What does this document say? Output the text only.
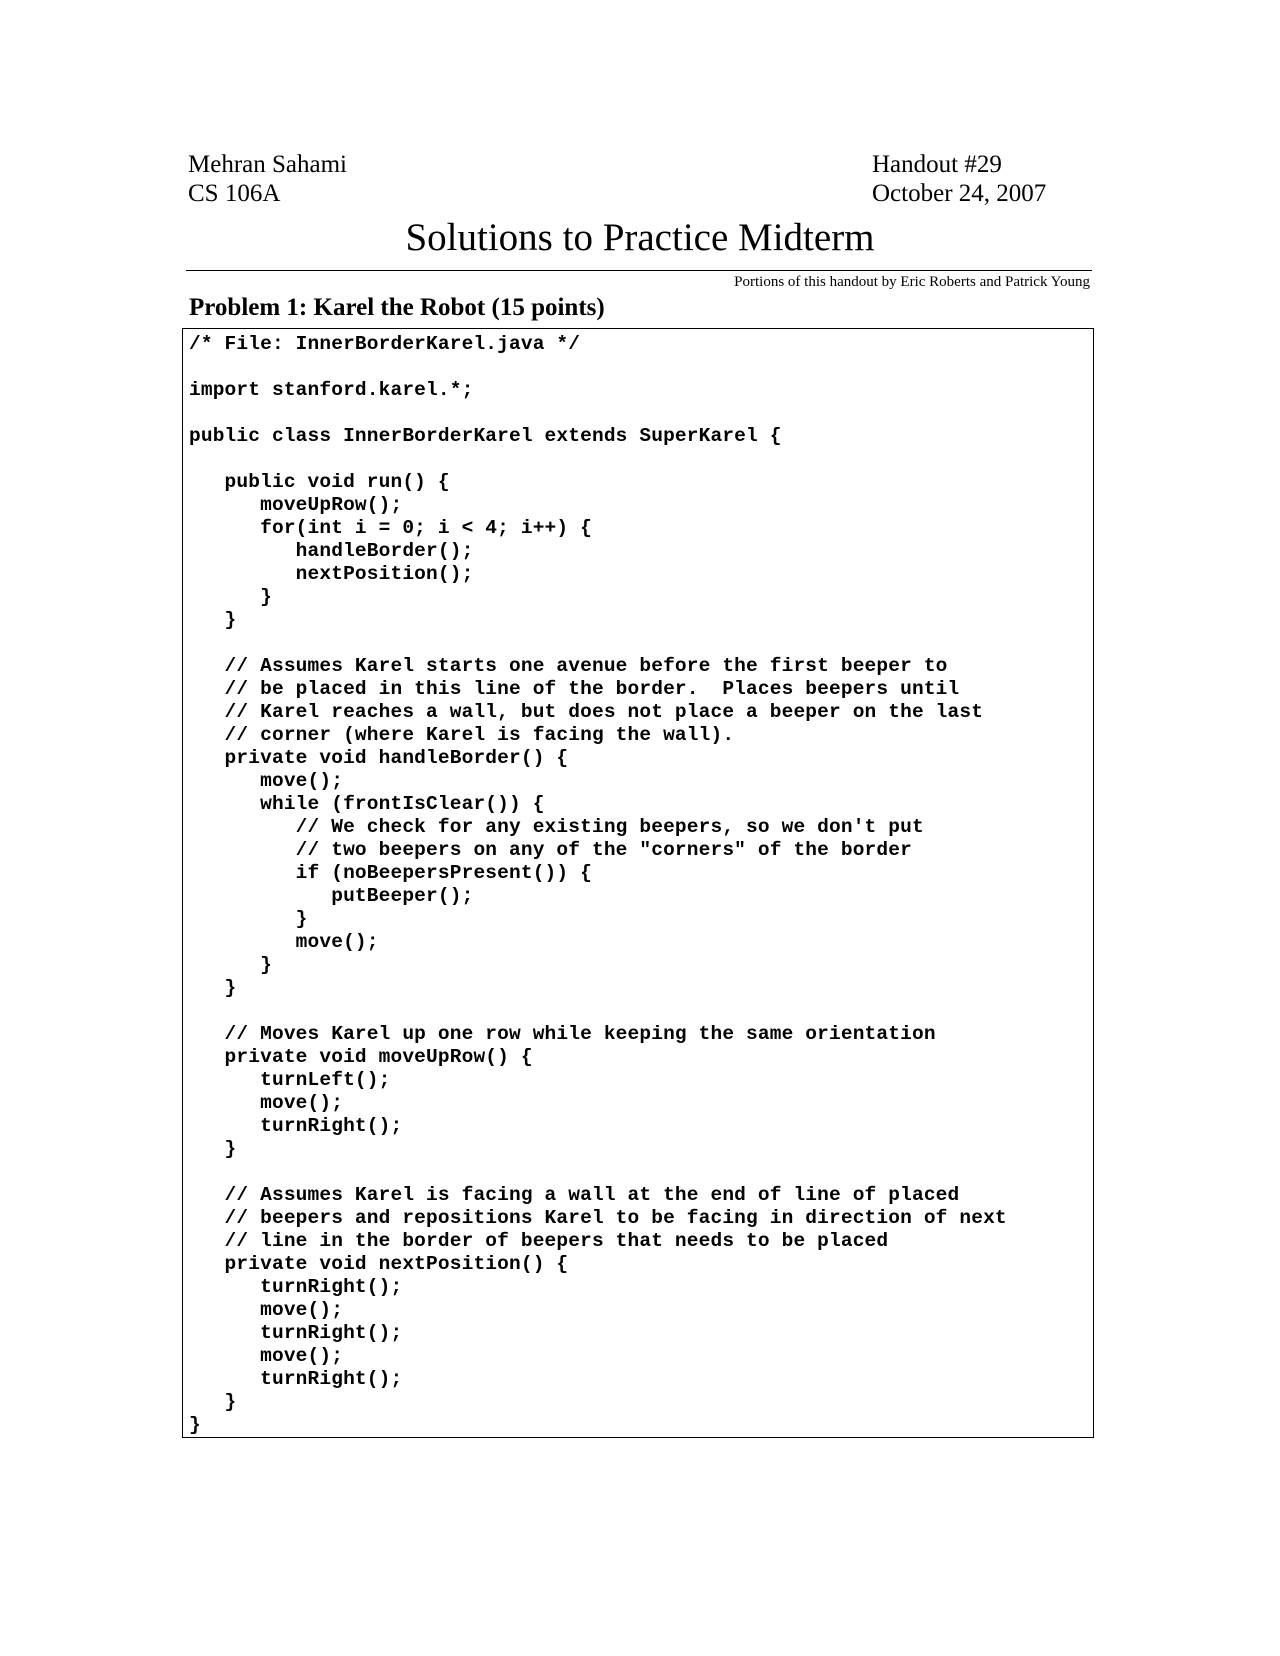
Mehran Sahami
CS 106A
Handout #29
October 24, 2007
Solutions to Practice Midterm
Portions of this handout by Eric Roberts and Patrick Young
Problem 1: Karel the Robot (15 points)
/* File: InnerBorderKarel.java */

import stanford.karel.*;

public class InnerBorderKarel extends SuperKarel {

public void run() {
moveUpRow();
for(int i = 0; i < 4; i++) {
handleBorder();
nextPosition();
}
}

// Assumes Karel starts one avenue before the first beeper to
// be placed in this line of the border.  Places beepers until
// Karel reaches a wall, but does not place a beeper on the last
// corner (where Karel is facing the wall).
private void handleBorder() {
move();
while (frontIsClear()) {
// We check for any existing beepers, so we don't put
// two beepers on any of the "corners" of the border
if (noBeepersPresent()) {
putBeeper();
}
move();
}
}

// Moves Karel up one row while keeping the same orientation
private void moveUpRow() {
turnLeft();
move();
turnRight();
}

// Assumes Karel is facing a wall at the end of line of placed
// beepers and repositions Karel to be facing in direction of next
// line in the border of beepers that needs to be placed
private void nextPosition() {
turnRight();
move();
turnRight();
move();
turnRight();
}
}
